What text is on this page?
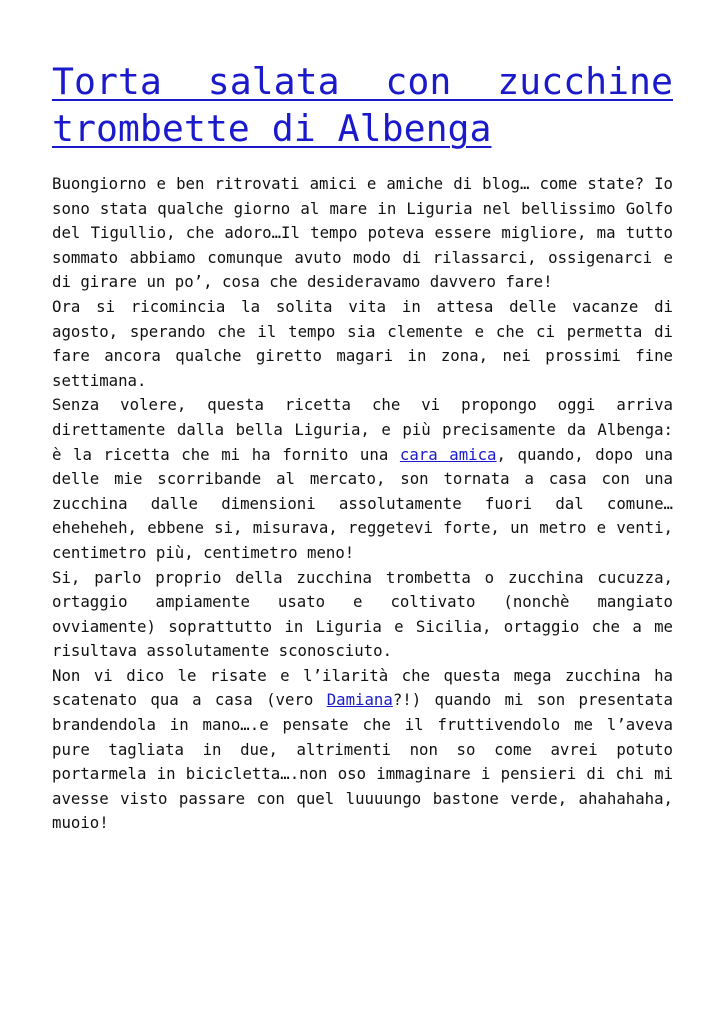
Torta salata con zucchine trombette di Albenga

Buongiorno e ben ritrovati amici e amiche di blog… come state? Io sono stata qualche giorno al mare in Liguria nel bellissimo Golfo del Tigullio, che adoro…Il tempo poteva essere migliore, ma tutto sommato abbiamo comunque avuto modo di rilassarci, ossigenarci e di girare un po’, cosa che desideravamo davvero fare!

Ora si ricomincia la solita vita in attesa delle vacanze di agosto, sperando che il tempo sia clemente e che ci permetta di fare ancora qualche giretto magari in zona, nei prossimi fine settimana.

Senza volere, questa ricetta che vi propongo oggi arriva direttamente dalla bella Liguria, e più precisamente da Albenga: è la ricetta che mi ha fornito una cara amica, quando, dopo una delle mie scorribande al mercato, son tornata a casa con una zucchina dalle dimensioni assolutamente fuori dal comune…eheheheh, ebbene si, misurava, reggetevi forte, un metro e venti, centimetro più, centimetro meno!

Si, parlo proprio della zucchina trombetta o zucchina cucuzza, ortaggio ampiamente usato e coltivato (nonchè mangiato ovviamente) soprattutto in Liguria e Sicilia, ortaggio che a me risultava assolutamente sconosciuto.

Non vi dico le risate e l’ilarità che questa mega zucchina ha scatenato qua a casa (vero Damiana?!) quando mi son presentata brandendola in mano….e pensate che il fruttivendolo me l’aveva pure tagliata in due, altrimenti non so come avrei potuto portarmela in bicicletta….non oso immaginare i pensieri di chi mi avesse visto passare con quel luuuungo bastone verde, ahahahaha, muoio!
